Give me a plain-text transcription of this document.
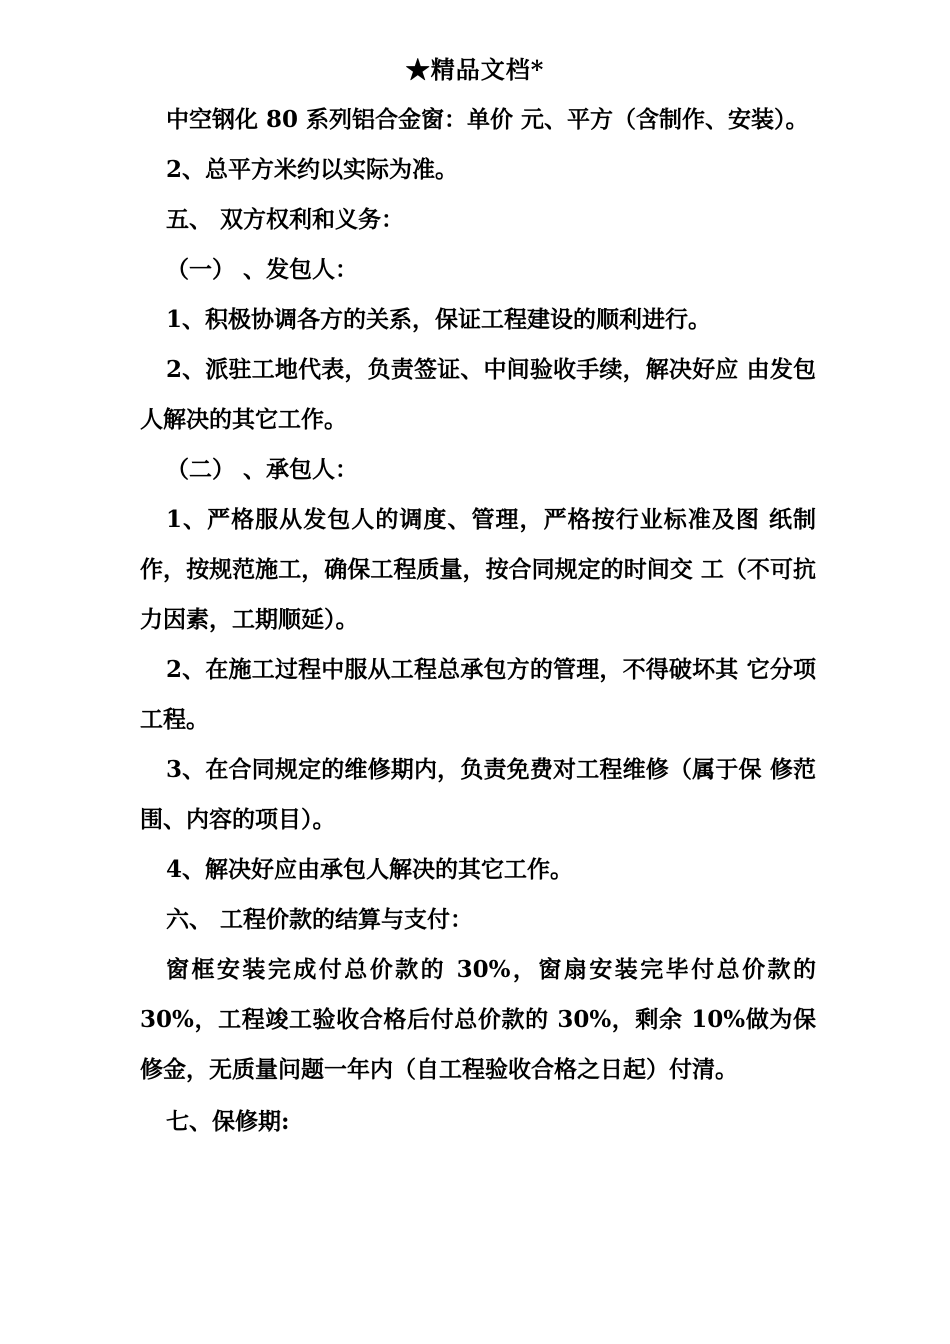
★精品文档*

中空钢化 80 系列铝合金窗：单价 元、平方（含制作、安装）。

2、总平方米约以实际为准。

五、 双方权利和义务：

（一） 、发包人：

1、积极协调各方的关系，保证工程建设的顺利进行。

2、派驻工地代表，负责签证、中间验收手续，解决好应 由发包人解决的其它工作。

（二） 、承包人：

1、严格服从发包人的调度、管理，严格按行业标准及图 纸制作，按规范施工，确保工程质量，按合同规定的时间交 工（不可抗力因素，工期顺延）。

2、在施工过程中服从工程总承包方的管理，不得破坏其 它分项工程。

3、在合同规定的维修期内，负责免费对工程维修（属于保 修范围、内容的项目）。

4、解决好应由承包人解决的其它工作。

六、 工程价款的结算与支付：

窗框安装完成付总价款的 30%，窗扇安装完毕付总价款的 30%，工程竣工验收合格后付总价款的 30%，剩余 10%做为保 修金，无质量问题一年内（自工程验收合格之日起）付清。

七、保修期:
